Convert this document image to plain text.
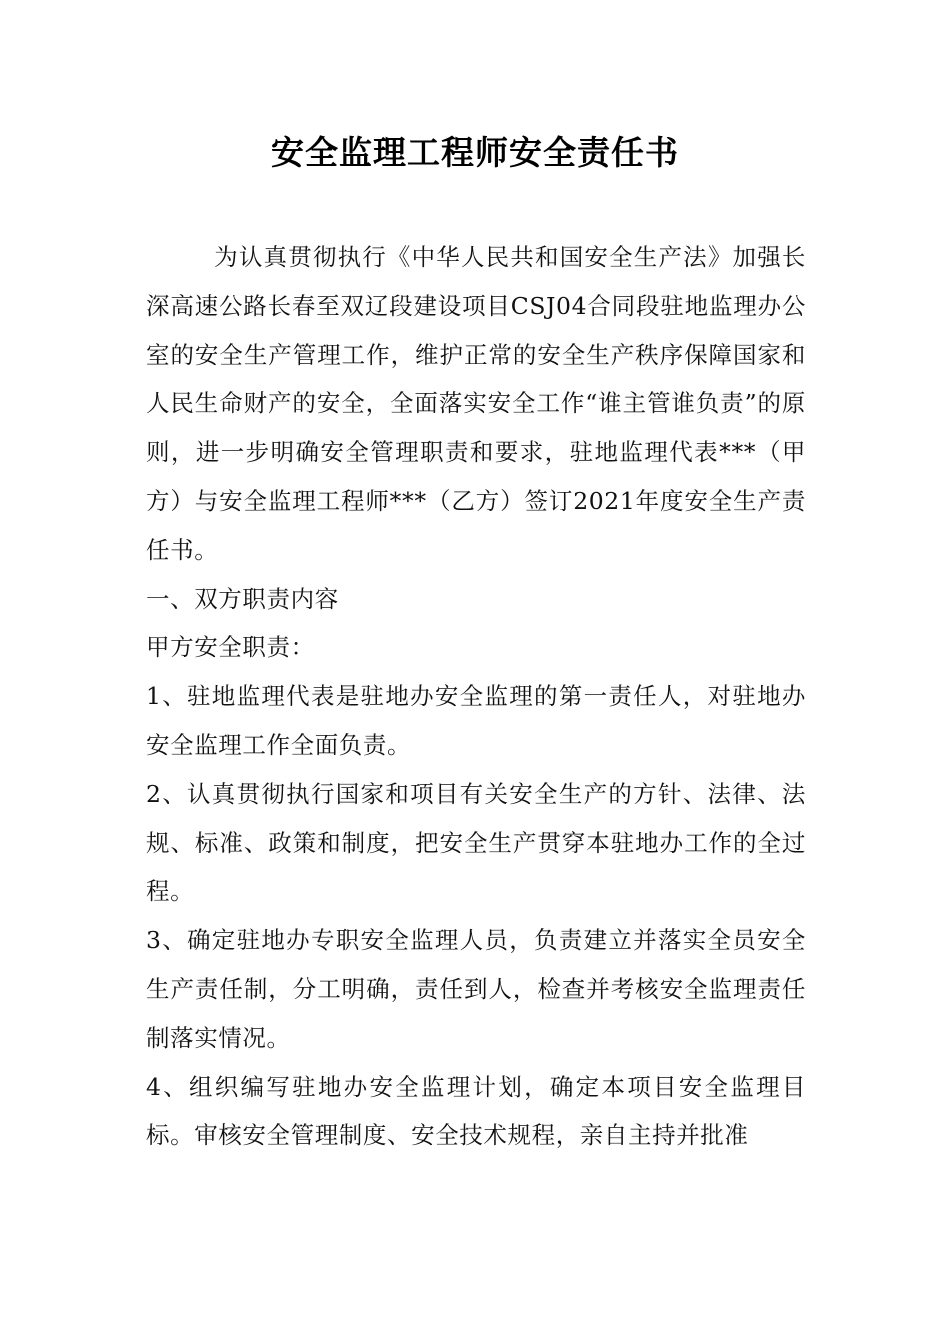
安全监理工程师安全责任书

为认真贯彻执行《中华人民共和国安全生产法》加强长深高速公路长春至双辽段建设项目CSJ04合同段驻地监理办公室的安全生产管理工作，维护正常的安全生产秩序保障国家和人民生命财产的安全，全面落实安全工作“谁主管谁负责”的原则，进一步明确安全管理职责和要求，驻地监理代表***（甲方）与安全监理工程师***（乙方）签订2021年度安全生产责任书。

一、双方职责内容

甲方安全职责：

1、驻地监理代表是驻地办安全监理的第一责任人，对驻地办安全监理工作全面负责。

2、认真贯彻执行国家和项目有关安全生产的方针、法律、法规、标准、政策和制度，把安全生产贯穿本驻地办工作的全过程。

3、确定驻地办专职安全监理人员，负责建立并落实全员安全生产责任制，分工明确，责任到人，检查并考核安全监理责任制落实情况。

4、组织编写驻地办安全监理计划，确定本项目安全监理目标。审核安全管理制度、安全技术规程，亲自主持并批准
